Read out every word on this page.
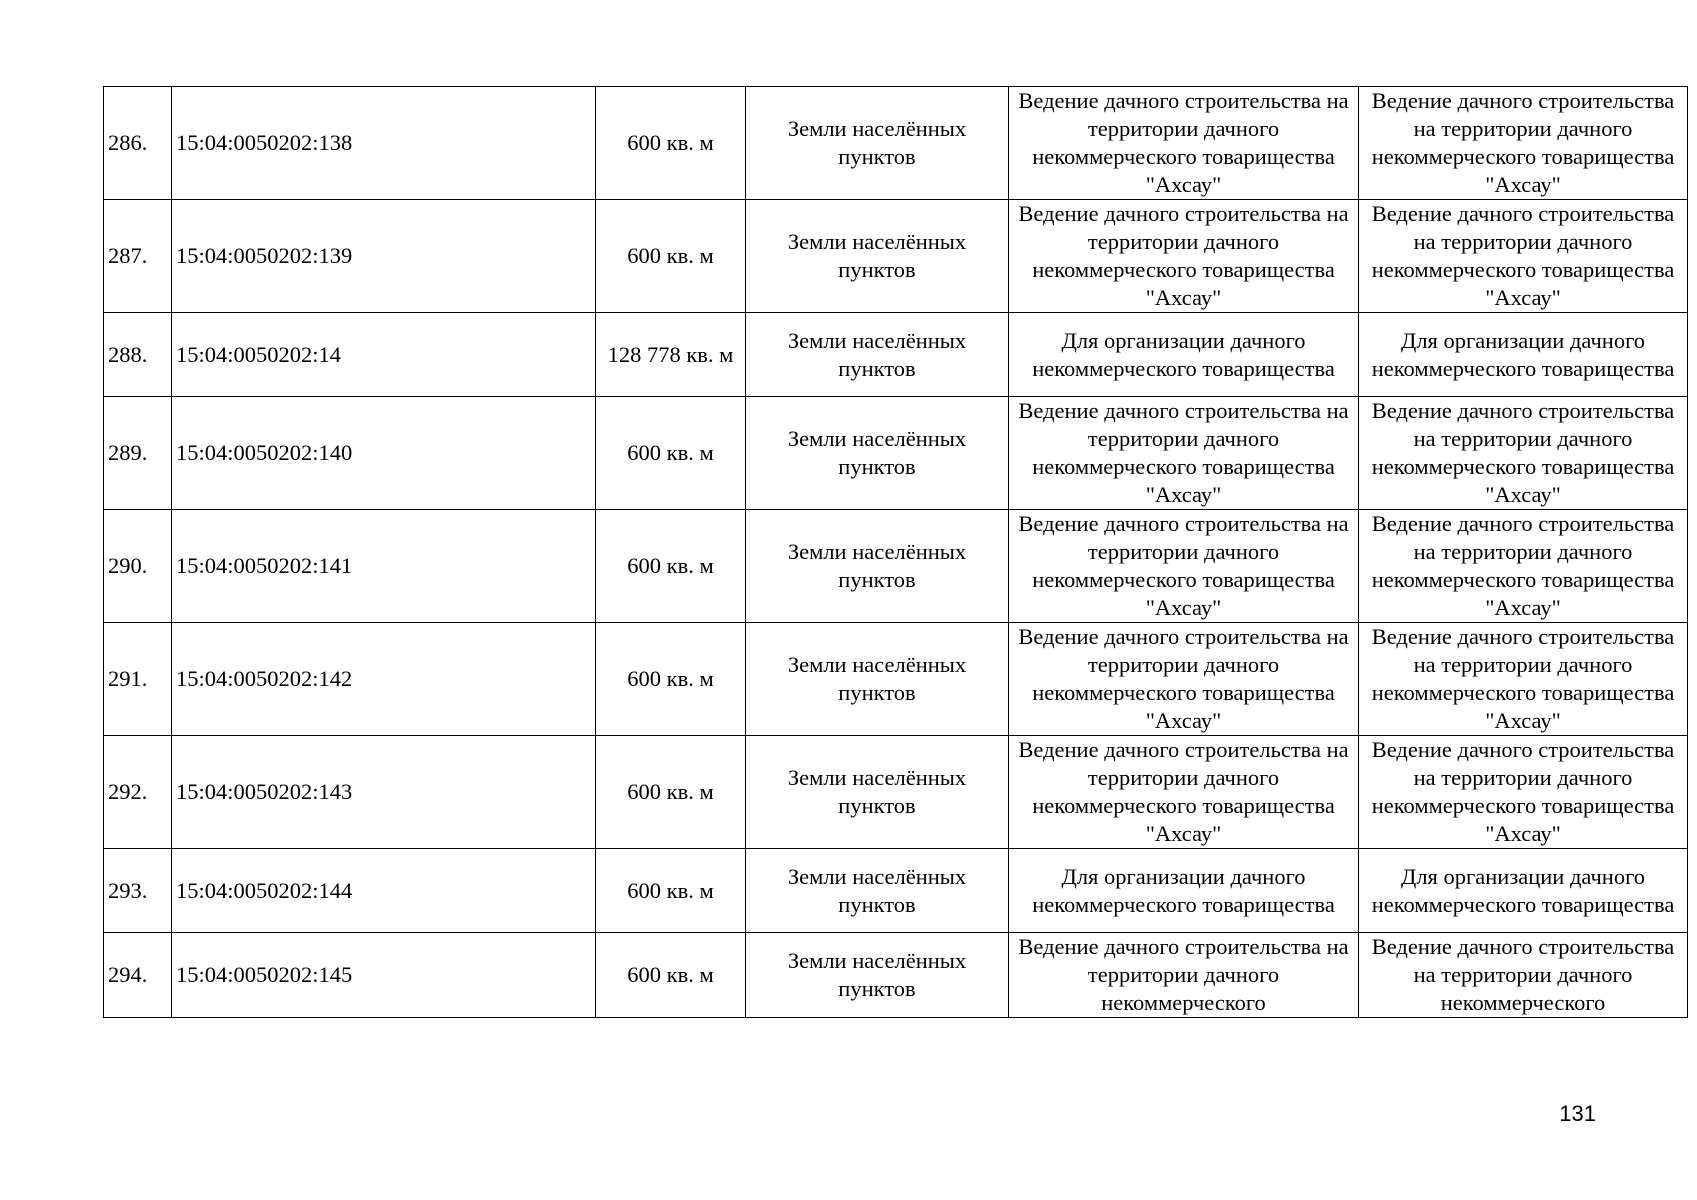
286.	15:04:0050202:138	600 кв. м	Земли населённых пунктов	Ведение дачного строительства на территории дачного некоммерческого товарищества "Ахсау"	Ведение дачного строительства на территории дачного некоммерческого товарищества "Ахсау"
287.	15:04:0050202:139	600 кв. м	Земли населённых пунктов	Ведение дачного строительства на территории дачного некоммерческого товарищества "Ахсау"	Ведение дачного строительства на территории дачного некоммерческого товарищества "Ахсау"
288.	15:04:0050202:14	128 778 кв. м	Земли населённых пунктов	Для организации дачного некоммерческого товарищества	Для организации дачного некоммерческого товарищества
289.	15:04:0050202:140	600 кв. м	Земли населённых пунктов	Ведение дачного строительства на территории дачного некоммерческого товарищества "Ахсау"	Ведение дачного строительства на территории дачного некоммерческого товарищества "Ахсау"
290.	15:04:0050202:141	600 кв. м	Земли населённых пунктов	Ведение дачного строительства на территории дачного некоммерческого товарищества "Ахсау"	Ведение дачного строительства на территории дачного некоммерческого товарищества "Ахсау"
291.	15:04:0050202:142	600 кв. м	Земли населённых пунктов	Ведение дачного строительства на территории дачного некоммерческого товарищества "Ахсау"	Ведение дачного строительства на территории дачного некоммерческого товарищества "Ахсау"
292.	15:04:0050202:143	600 кв. м	Земли населённых пунктов	Ведение дачного строительства на территории дачного некоммерческого товарищества "Ахсау"	Ведение дачного строительства на территории дачного некоммерческого товарищества "Ахсау"
293.	15:04:0050202:144	600 кв. м	Земли населённых пунктов	Для организации дачного некоммерческого товарищества	Для организации дачного некоммерческого товарищества
294.	15:04:0050202:145	600 кв. м	Земли населённых пунктов	Ведение дачного строительства на территории дачного некоммерческого	Ведение дачного строительства на территории дачного некоммерческого
131
